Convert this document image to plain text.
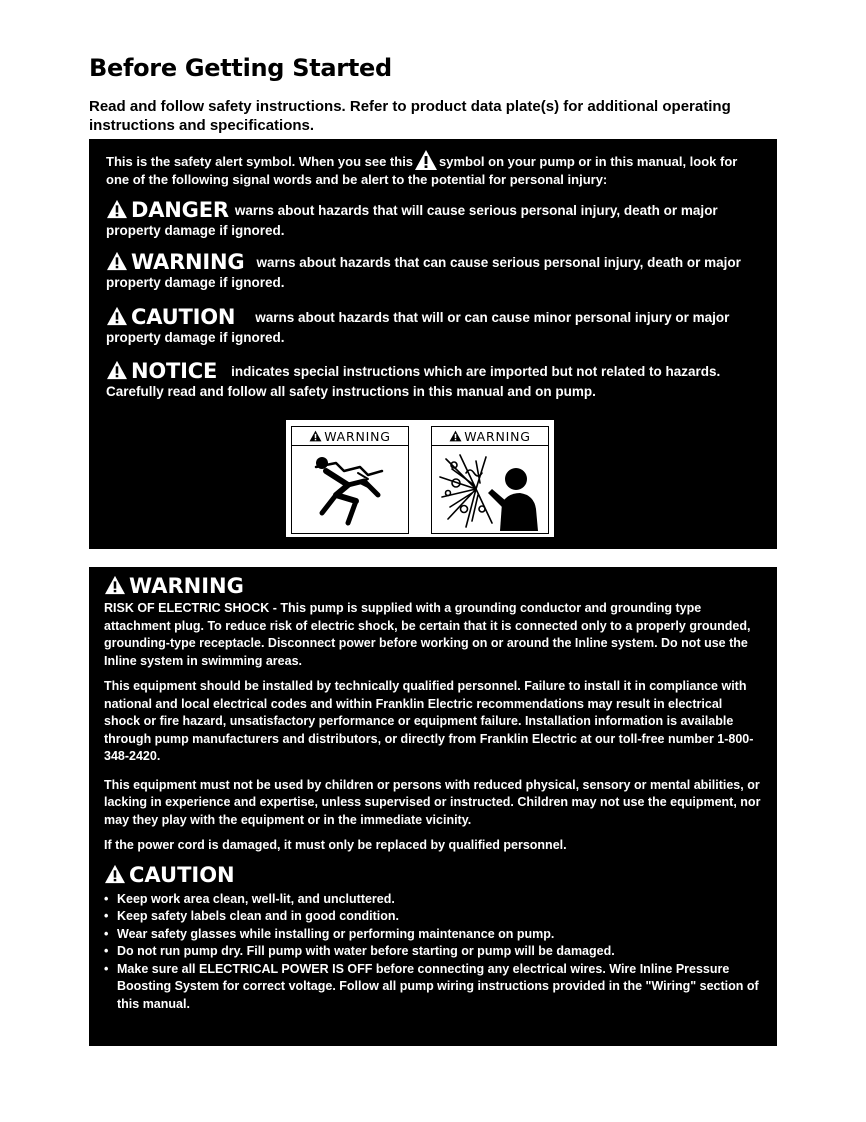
Before Getting Started

Read and follow safety instructions. Refer to product data plate(s) for additional operating instructions and specifications.

This is the safety alert symbol. When you see this symbol on your pump or in this manual, look for one of the following signal words and be alert to the potential for personal injury:

DANGER warns about hazards that will cause serious personal injury, death or major property damage if ignored.

WARNING warns about hazards that can cause serious personal injury, death or major property damage if ignored.

CAUTION warns about hazards that will or can cause minor personal injury or major property damage if ignored.

NOTICE indicates special instructions which are imported but not related to hazards. Carefully read and follow all safety instructions in this manual and on pump.

WARNING	WARNING
WARNING

RISK OF ELECTRIC SHOCK - This pump is supplied with a grounding conductor and grounding type attachment plug. To reduce risk of electric shock, be certain that it is connected only to a properly grounded, grounding-type receptacle. Disconnect power before working on or around the Inline system. Do not use the Inline system in swimming areas.

This equipment should be installed by technically qualified personnel. Failure to install it in compliance with national and local electrical codes and within Franklin Electric recommendations may result in electrical shock or fire hazard, unsatisfactory performance or equipment failure. Installation information is available through pump manufacturers and distributors, or directly from Franklin Electric at our toll-free number 1-800-348-2420.

This equipment must not be used by children or persons with reduced physical, sensory or mental abilities, or lacking in experience and expertise, unless supervised or instructed. Children may not use the equipment, nor may they play with the equipment or in the immediate vicinity.

If the power cord is damaged, it must only be replaced by qualified personnel.

CAUTION
• Keep work area clean, well-lit, and uncluttered.
• Keep safety labels clean and in good condition.
• Wear safety glasses while installing or performing maintenance on pump.
• Do not run pump dry. Fill pump with water before starting or pump will be damaged.
• Make sure all ELECTRICAL POWER IS OFF before connecting any electrical wires. Wire Inline Pressure Boosting System for correct voltage. Follow all pump wiring instructions provided in the "Wiring" section of this manual.
